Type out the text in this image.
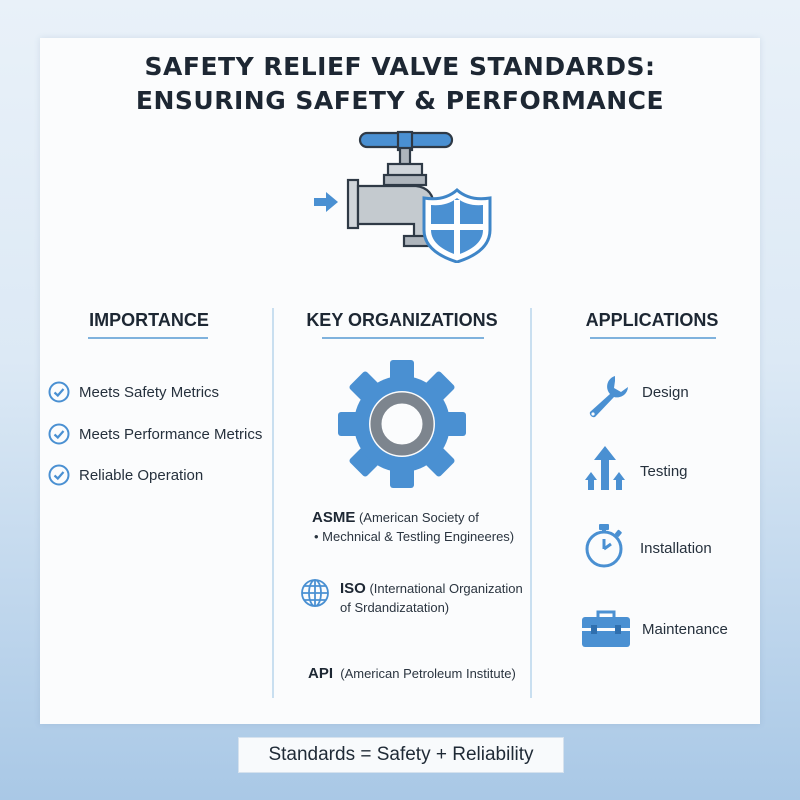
SAFETY RELIEF VALVE STANDARDS:
ENSURING SAFETY & PERFORMANCE
IMPORTANCE	KEY ORGANIZATIONS	APPLICATIONS
Meets Safety Metrics
Meets Performance Metrics
Reliable Operation
ASME (American Society of
• Mechnical & Testling Engineeres)
ISO (International Organization
of Srdandizatation)
API (American Petroleum Institute)
Design
Testing
Installation
Maintenance
Standards = Safety + Reliability
